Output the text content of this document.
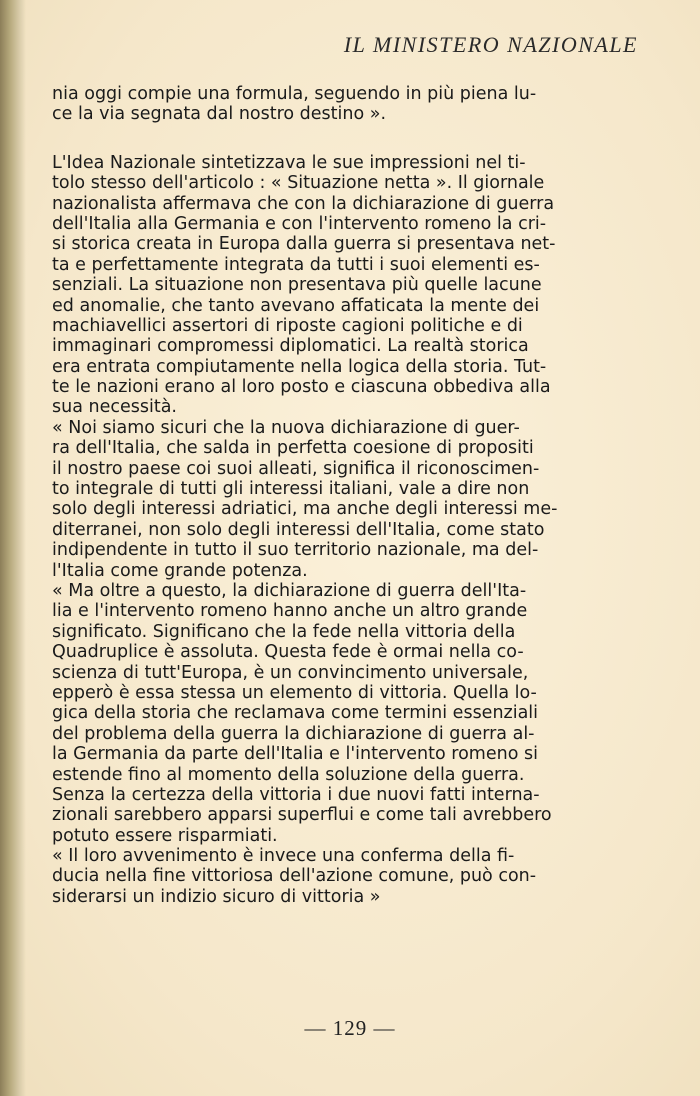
IL MINISTERO NAZIONALE
nia oggi compie una formula, seguendo in più piena lu-
ce la via segnata dal nostro destino ».
L'Idea Nazionale sintetizzava le sue impressioni nel ti-
tolo stesso dell'articolo : « Situazione netta ». Il giornale
nazionalista affermava che con la dichiarazione di guerra
dell'Italia alla Germania e con l'intervento romeno la cri-
si storica creata in Europa dalla guerra si presentava net-
ta e perfettamente integrata da tutti i suoi elementi es-
senziali. La situazione non presentava più quelle lacune
ed anomalie, che tanto avevano affaticata la mente dei
machiavellici assertori di riposte cagioni politiche e di
immaginari compromessi diplomatici. La realtà storica
era entrata compiutamente nella logica della storia. Tut-
te le nazioni erano al loro posto e ciascuna obbediva alla
sua necessità.
« Noi siamo sicuri che la nuova dichiarazione di guer-
ra dell'Italia, che salda in perfetta coesione di propositi
il nostro paese coi suoi alleati, significa il riconoscimen-
to integrale di tutti gli interessi italiani, vale a dire non
solo degli interessi adriatici, ma anche degli interessi me-
diterranei, non solo degli interessi dell'Italia, come stato
indipendente in tutto il suo territorio nazionale, ma del-
l'Italia come grande potenza.
« Ma oltre a questo, la dichiarazione di guerra dell'Ita-
lia e l'intervento romeno hanno anche un altro grande
significato. Significano che la fede nella vittoria della
Quadruplice è assoluta. Questa fede è ormai nella co-
scienza di tutt'Europa, è un convincimento universale,
epperò è essa stessa un elemento di vittoria. Quella lo-
gica della storia che reclamava come termini essenziali
del problema della guerra la dichiarazione di guerra al-
la Germania da parte dell'Italia e l'intervento romeno si
estende fino al momento della soluzione della guerra.
Senza la certezza della vittoria i due nuovi fatti interna-
zionali sarebbero apparsi superflui e come tali avrebbero
potuto essere risparmiati.
« Il loro avvenimento è invece una conferma della fi-
ducia nella fine vittoriosa dell'azione comune, può con-
siderarsi un indizio sicuro di vittoria »
— 129 —
